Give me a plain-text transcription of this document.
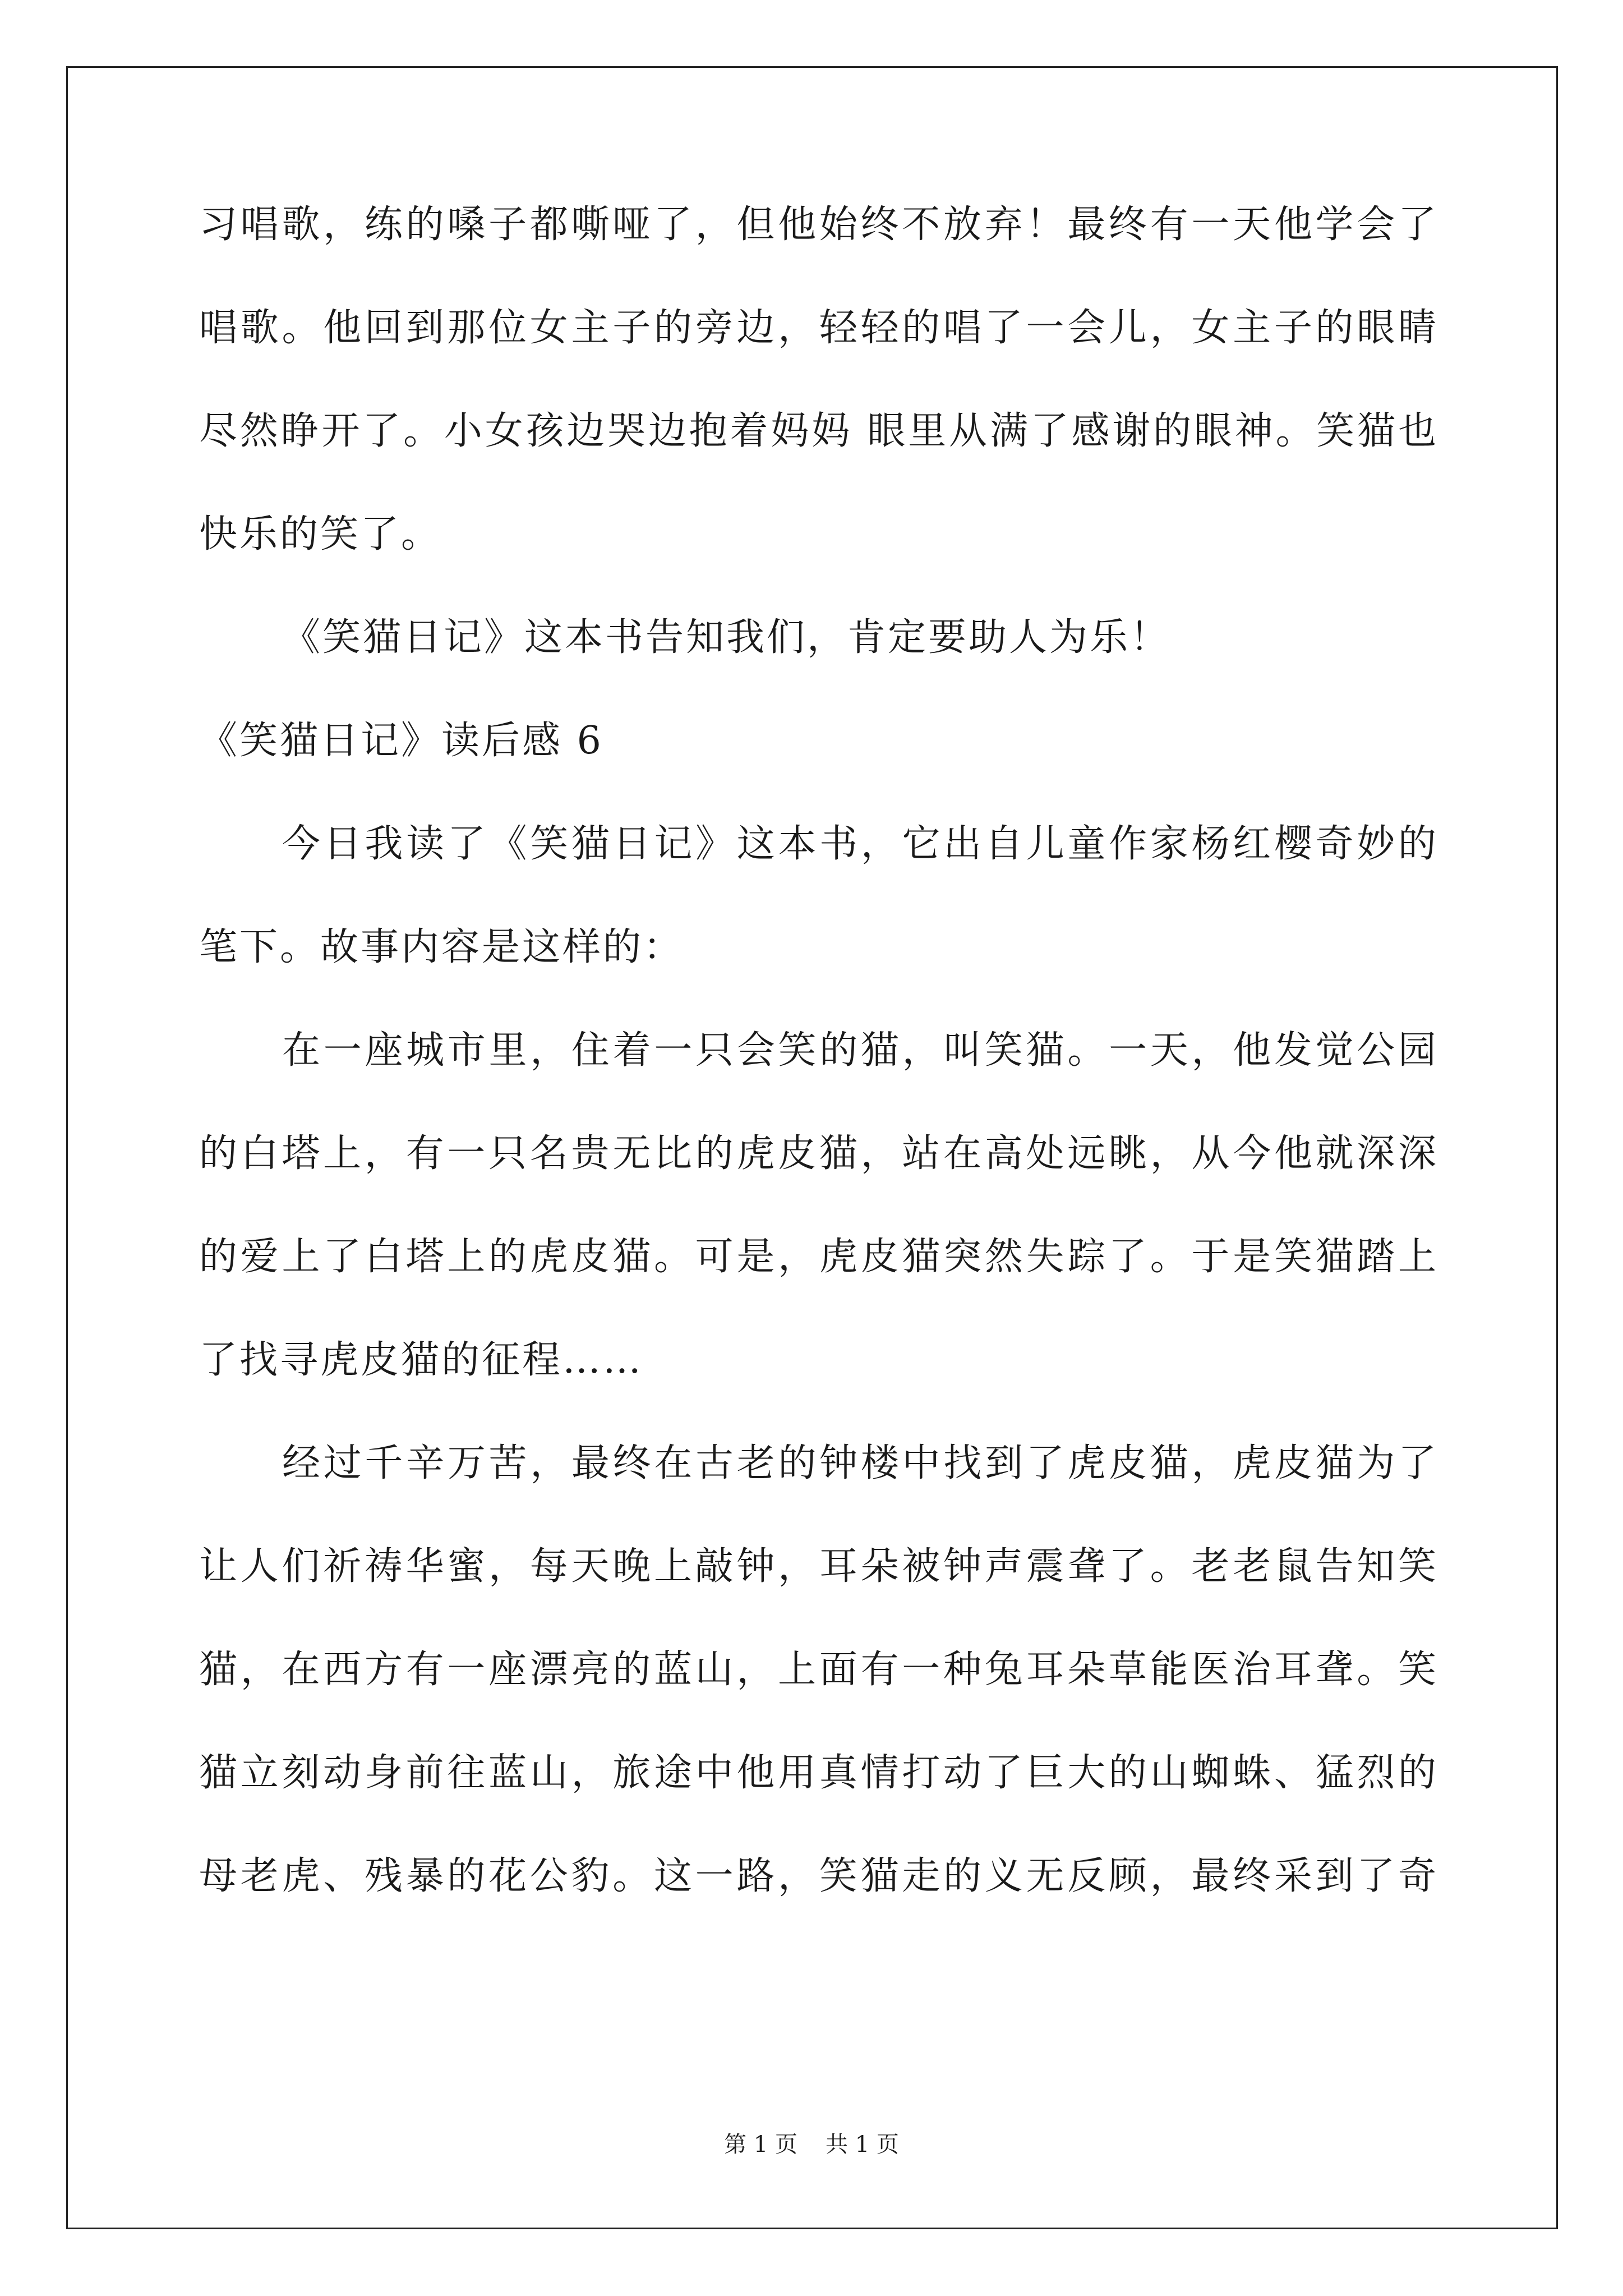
习唱歌，练的嗓子都嘶哑了，但他始终不放弃！最终有一天他学会了
唱歌。他回到那位女主子的旁边，轻轻的唱了一会儿，女主子的眼睛
尽然睁开了。小女孩边哭边抱着妈妈 眼里从满了感谢的眼神。笑猫也
快乐的笑了。
《笑猫日记》这本书告知我们，肯定要助人为乐！
《笑猫日记》读后感 6
今日我读了《笑猫日记》这本书，它出自儿童作家杨红樱奇妙的
笔下。故事内容是这样的：
在一座城市里，住着一只会笑的猫，叫笑猫。一天，他发觉公园
的白塔上，有一只名贵无比的虎皮猫，站在高处远眺，从今他就深深
的爱上了白塔上的虎皮猫。可是，虎皮猫突然失踪了。于是笑猫踏上
了找寻虎皮猫的征程……
经过千辛万苦，最终在古老的钟楼中找到了虎皮猫，虎皮猫为了
让人们祈祷华蜜，每天晚上敲钟，耳朵被钟声震聋了。老老鼠告知笑
猫，在西方有一座漂亮的蓝山，上面有一种兔耳朵草能医治耳聋。笑
猫立刻动身前往蓝山，旅途中他用真情打动了巨大的山蜘蛛、猛烈的
母老虎、残暴的花公豹。这一路，笑猫走的义无反顾，最终采到了奇
第 1 页 共 1 页
